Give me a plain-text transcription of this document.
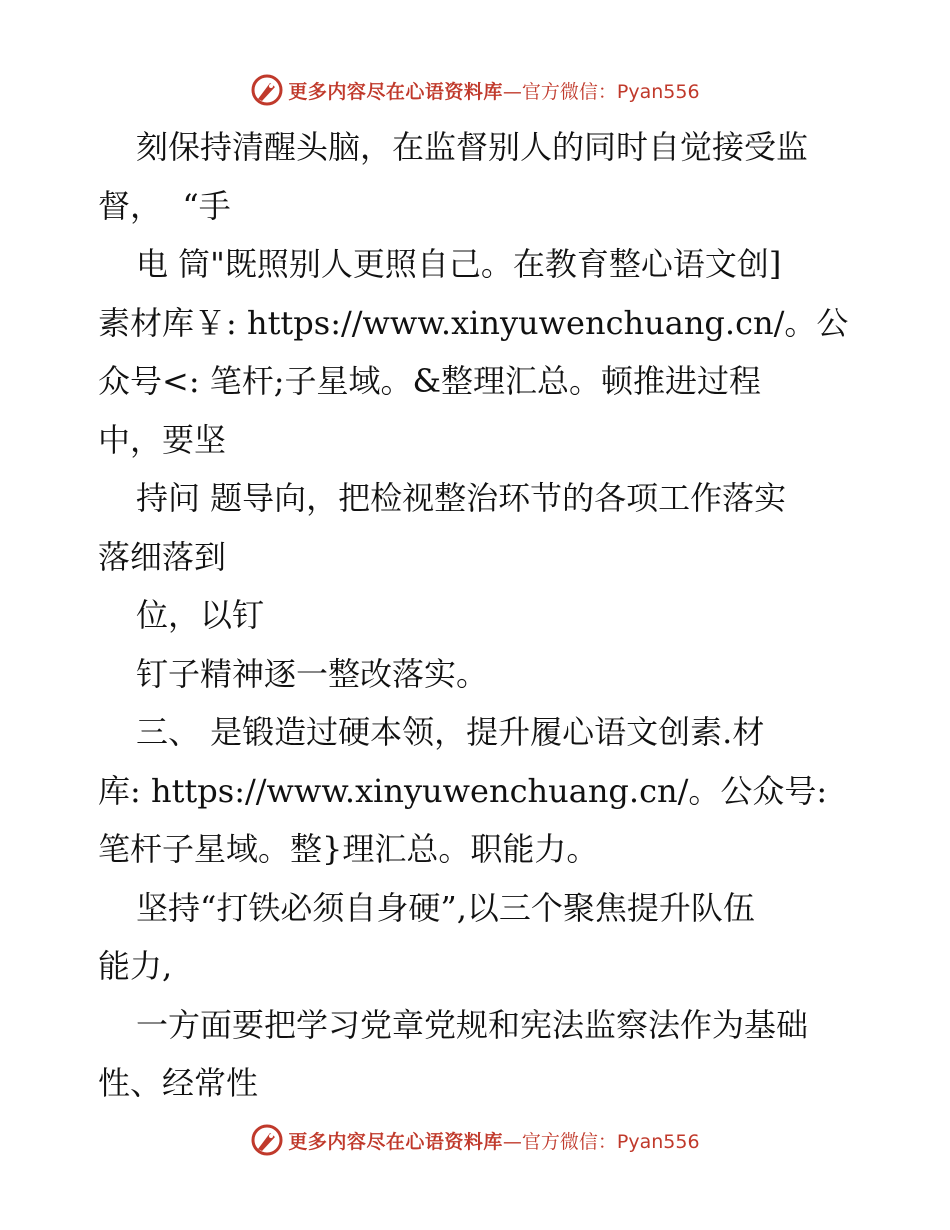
更多内容尽在心语资料库 —官方微信：Pyan556
刻保持清醒头脑，在监督别人的同时自觉接受监
督，  “手
电 筒"既照别人更照自己。在教育整心语文创]
素材库￥: https://www.xinyuwenchuang.cn/。公
众号<: 笔杆;子星域。&整理汇总。顿推进过程
中，要坚
持问 题导向，把检视整治环节的各项工作落实
落细落到
位，以钉
钉子精神逐一整改落实。
三、 是锻造过硬本领，提升履心语文创素.材
库: https://www.xinyuwenchuang.cn/。公众号:
笔杆子星域。整}理汇总。职能力。
坚持“打铁必须自身硬”,以三个聚焦提升队伍
能力,
一方面要把学习党章党规和宪法监察法作为基础
性、经常性
更多内容尽在心语资料库 —官方微信：Pyan556
